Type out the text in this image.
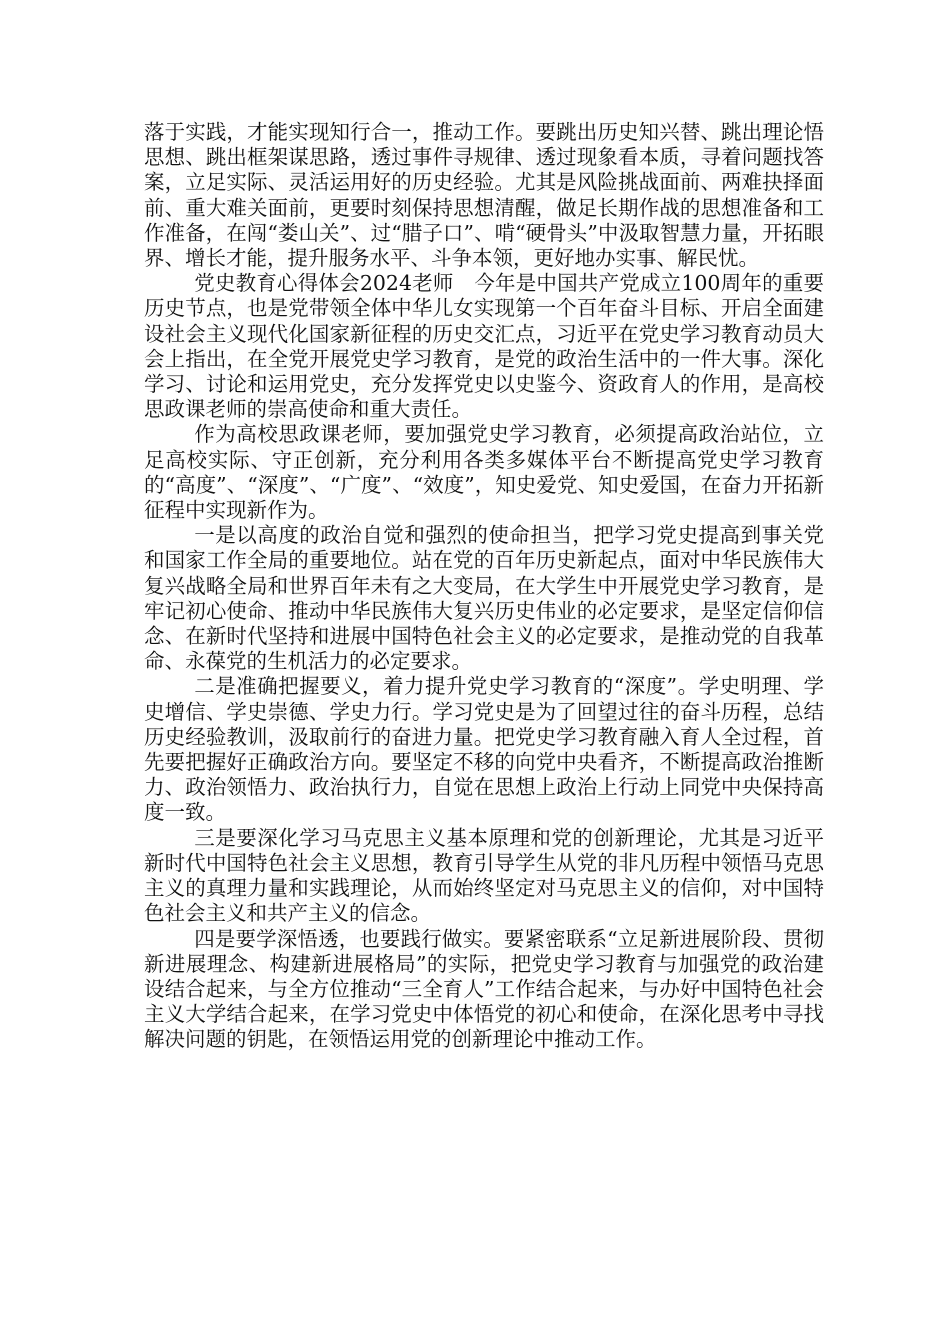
落于实践，才能实现知行合一，推动工作。要跳出历史知兴替、跳出理论悟思想、跳出框架谋思路，透过事件寻规律、透过现象看本质，寻着问题找答案，立足实际、灵活运用好的历史经验。尤其是风险挑战面前、两难抉择面前、重大难关面前，更要时刻保持思想清醒，做足长期作战的思想准备和工作准备，在闯“娄山关”、过“腊子口”、啃“硬骨头”中汲取智慧力量，开拓眼界、增长才能，提升服务水平、斗争本领，更好地办实事、解民忧。

党史教育心得体会2024老师　今年是中国共产党成立100周年的重要历史节点，也是党带领全体中华儿女实现第一个百年奋斗目标、开启全面建设社会主义现代化国家新征程的历史交汇点，习近平在党史学习教育动员大会上指出，在全党开展党史学习教育，是党的政治生活中的一件大事。深化学习、讨论和运用党史，充分发挥党史以史鉴今、资政育人的作用，是高校思政课老师的崇高使命和重大责任。

作为高校思政课老师，要加强党史学习教育，必须提高政治站位，立足高校实际、守正创新，充分利用各类多媒体平台不断提高党史学习教育的“高度”、“深度”、“广度”、“效度”，知史爱党、知史爱国，在奋力开拓新征程中实现新作为。

一是以高度的政治自觉和强烈的使命担当，把学习党史提高到事关党和国家工作全局的重要地位。站在党的百年历史新起点，面对中华民族伟大复兴战略全局和世界百年未有之大变局，在大学生中开展党史学习教育，是牢记初心使命、推动中华民族伟大复兴历史伟业的必定要求，是坚定信仰信念、在新时代坚持和进展中国特色社会主义的必定要求，是推动党的自我革命、永葆党的生机活力的必定要求。

二是准确把握要义，着力提升党史学习教育的“深度”。学史明理、学史增信、学史崇德、学史力行。学习党史是为了回望过往的奋斗历程，总结历史经验教训，汲取前行的奋进力量。把党史学习教育融入育人全过程，首先要把握好正确政治方向。要坚定不移的向党中央看齐，不断提高政治推断力、政治领悟力、政治执行力，自觉在思想上政治上行动上同党中央保持高度一致。

三是要深化学习马克思主义基本原理和党的创新理论，尤其是习近平新时代中国特色社会主义思想，教育引导学生从党的非凡历程中领悟马克思主义的真理力量和实践理论，从而始终坚定对马克思主义的信仰，对中国特色社会主义和共产主义的信念。

四是要学深悟透，也要践行做实。要紧密联系“立足新进展阶段、贯彻新进展理念、构建新进展格局”的实际，把党史学习教育与加强党的政治建设结合起来，与全方位推动“三全育人”工作结合起来，与办好中国特色社会主义大学结合起来，在学习党史中体悟党的初心和使命，在深化思考中寻找解决问题的钥匙，在领悟运用党的创新理论中推动工作。
